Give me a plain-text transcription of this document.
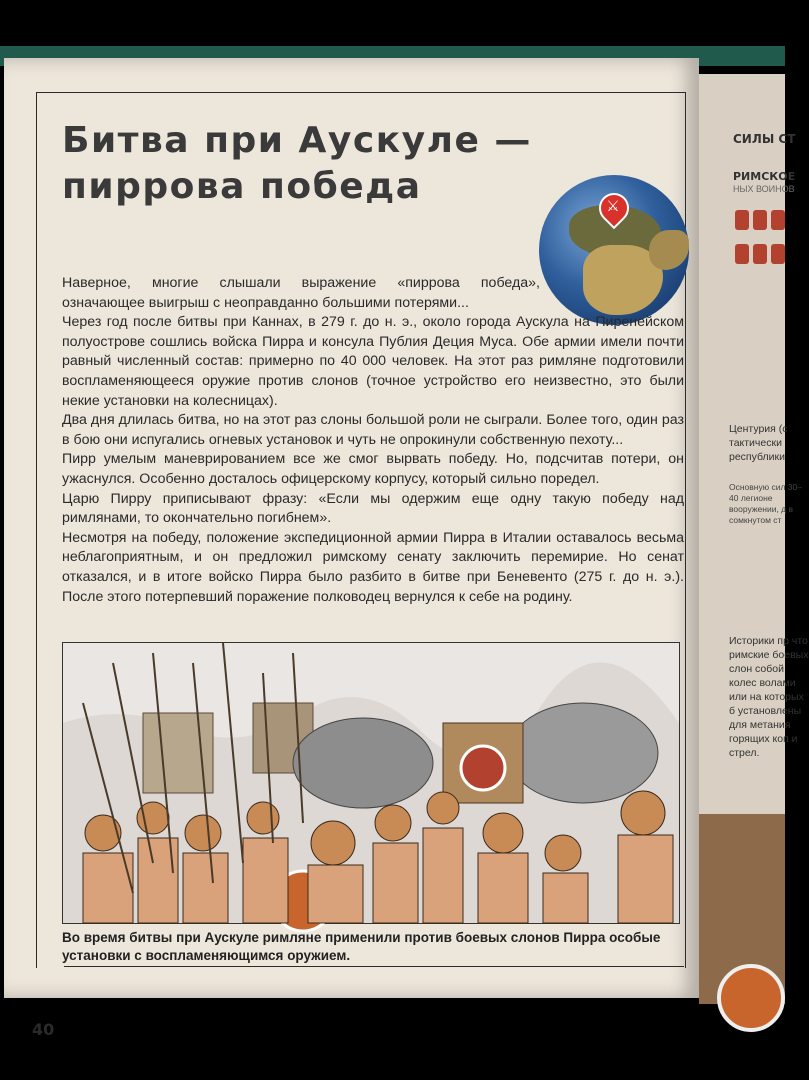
Битва при Аускуле —
пиррова победа	⚔

Наверное, многие слышали выражение «пиррова победа», означающее выигрыш с неоправданно большими потерями...

Через год после битвы при Каннах, в 279 г. до н. э., около города Аускула на Пиренейском полуострове сошлись войска Пирра и консула Публия Деция Муса. Обе армии имели почти равный численный состав: примерно по 40 000 человек. На этот раз римляне подготовили воспламеняющееся оружие против слонов (точное устройство его неизвестно, это были некие установки на колесницах).

Два дня длилась битва, но на этот раз слоны большой роли не сыграли. Более того, один раз в бою они испугались огневых установок и чуть не опрокинули собственную пехоту...

Пирр умелым маневрированием все же смог вырвать победу. Но, подсчитав потери, он ужаснулся. Особенно досталось офицерскому корпусу, который сильно поредел.

Царю Пирру приписывают фразу: «Если мы одержим еще одну такую победу над римлянами, то окончательно погибнем».

Несмотря на победу, положение экспедиционной армии Пирра в Италии оставалось весьма неблагоприятным, и он предложил римскому сенату заключить перемирие. Но сенат отказался, и в итоге войско Пирра было разбито в битве при Беневенто (275 г. до н. э.). После этого потерпевший поражение полководец вернулся к себе на родину.

Во время битвы при Аускуле римляне применили против боевых слонов Пирра особые установки с воспламеняющимся оружием.

40

СИЛЫ СТ
РИМСКОЕ
НЫХ ВОИНОВ

Центурия (с тактически республики

Основную сил 30–40 легионе вооружении, д в сомкнутом ст

Историки пр что римские боевых слон собой колес волами или на которых б установлены для метания горящих коп и стрел.
